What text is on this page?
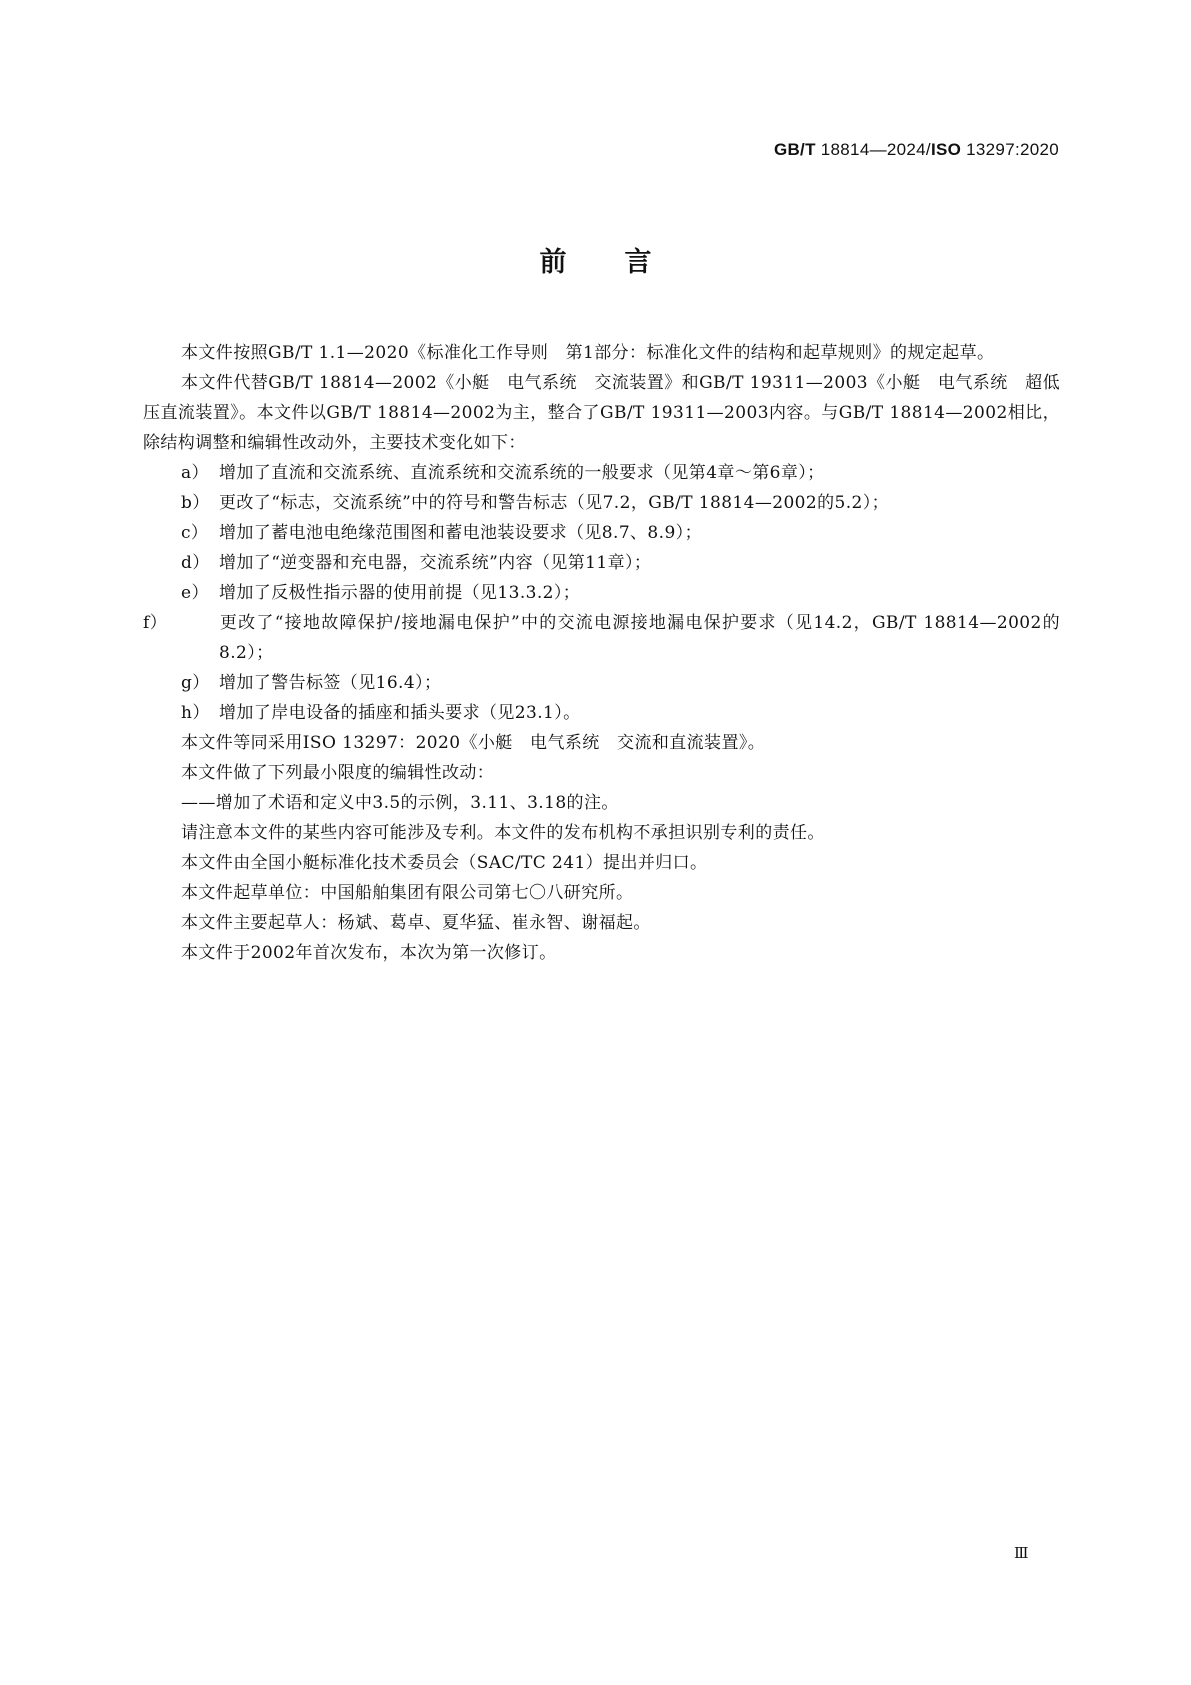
GB/T 18814—2024/ISO 13297:2020
前言

本文件按照GB/T 1.1—2020《标准化工作导则　第1部分：标准化文件的结构和起草规则》的规定起草。

本文件代替GB/T 18814—2002《小艇　电气系统　交流装置》和GB/T 19311—2003《小艇　电气系统　超低压直流装置》。本文件以GB/T 18814—2002为主，整合了GB/T 19311—2003内容。与GB/T 18814—2002相比，除结构调整和编辑性改动外，主要技术变化如下：

a） 增加了直流和交流系统、直流系统和交流系统的一般要求（见第4章～第6章）；

b） 更改了“标志，交流系统”中的符号和警告标志（见7.2，GB/T 18814—2002的5.2）；

c） 增加了蓄电池电绝缘范围图和蓄电池装设要求（见8.7、8.9）；

d） 增加了“逆变器和充电器，交流系统”内容（见第11章）；

e） 增加了反极性指示器的使用前提（见13.3.2）；

f）	更改了“接地故障保护/接地漏电保护”中的交流电源接地漏电保护要求（见14.2，GB/T 18814—2002的8.2）；

g） 增加了警告标签（见16.4）；

h） 增加了岸电设备的插座和插头要求（见23.1）。

本文件等同采用ISO 13297：2020《小艇　电气系统　交流和直流装置》。

本文件做了下列最小限度的编辑性改动：

——增加了术语和定义中3.5的示例，3.11、3.18的注。

请注意本文件的某些内容可能涉及专利。本文件的发布机构不承担识别专利的责任。

本文件由全国小艇标准化技术委员会（SAC/TC 241）提出并归口。

本文件起草单位：中国船舶集团有限公司第七〇八研究所。

本文件主要起草人：杨斌、葛卓、夏华猛、崔永智、谢福起。

本文件于2002年首次发布，本次为第一次修订。

Ⅲ
